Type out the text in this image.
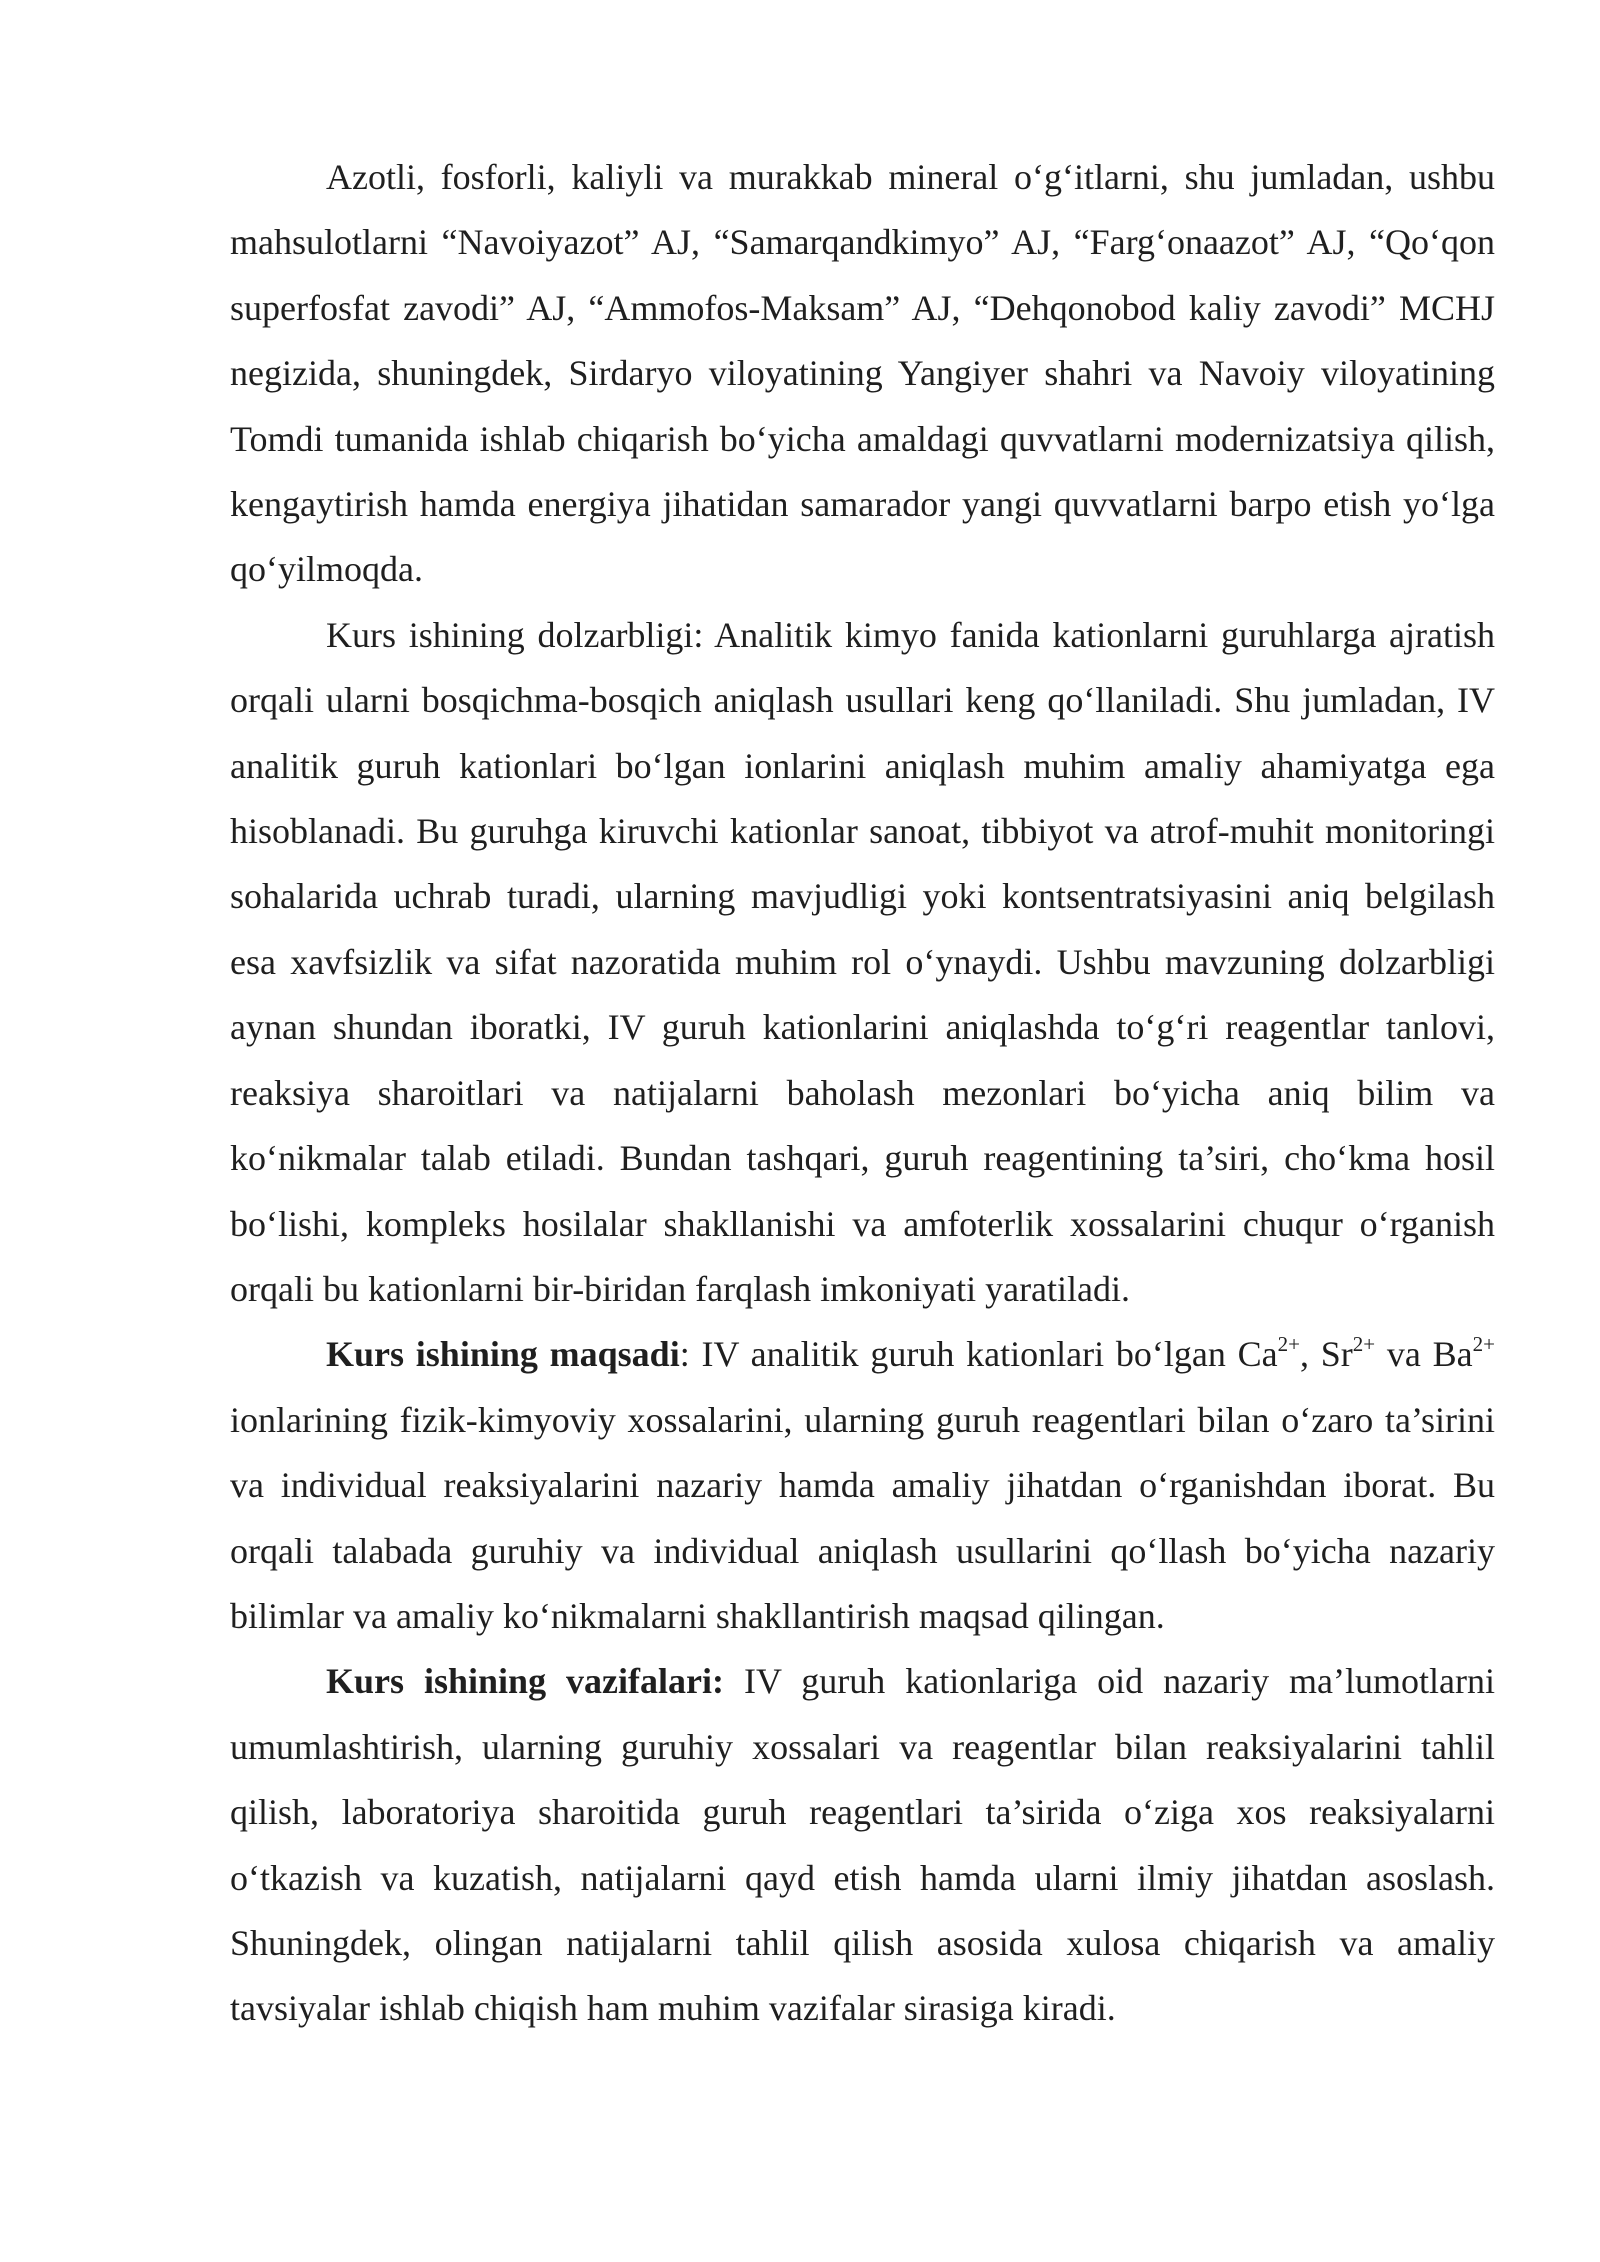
Azotli, fosforli, kaliyli va murakkab mineral o‘g‘itlarni, shu jumladan, ushbu mahsulotlarni “Navoiyazot” AJ, “Samarqandkimyo” AJ, “Farg‘onaazot” AJ, “Qo‘qon superfosfat zavodi” AJ, “Ammofos-Maksam” AJ, “Dehqonobod kaliy zavodi” MCHJ negizida, shuningdek, Sirdaryo viloyatining Yangiyer shahri va Navoiy viloyatining Tomdi tumanida ishlab chiqarish bo‘yicha amaldagi quvvatlarni modernizatsiya qilish, kengaytirish hamda energiya jihatidan samarador yangi quvvatlarni barpo etish yo‘lga qo‘yilmoqda.

Kurs ishining dolzarbligi: Analitik kimyo fanida kationlarni guruhlarga ajratish orqali ularni bosqichma-bosqich aniqlash usullari keng qo‘llaniladi. Shu jumladan, IV analitik guruh kationlari bo‘lgan ionlarini aniqlash muhim amaliy ahamiyatga ega hisoblanadi. Bu guruhga kiruvchi kationlar sanoat, tibbiyot va atrof-muhit monitoringi sohalarida uchrab turadi, ularning mavjudligi yoki kontsentratsiyasini aniq belgilash esa xavfsizlik va sifat nazoratida muhim rol o‘ynaydi. Ushbu mavzuning dolzarbligi aynan shundan iboratki, IV guruh kationlarini aniqlashda to‘g‘ri reagentlar tanlovi, reaksiya sharoitlari va natijalarni baholash mezonlari bo‘yicha aniq bilim va ko‘nikmalar talab etiladi. Bundan tashqari, guruh reagentining ta’siri, cho‘kma hosil bo‘lishi, kompleks hosilalar shakllanishi va amfoterlik xossalarini chuqur o‘rganish orqali bu kationlarni bir-biridan farqlash imkoniyati yaratiladi.

Kurs ishining maqsadi: IV analitik guruh kationlari bo‘lgan $Ca^{2+}$, $Sr^{2+}$ va $Ba^{2+}$ ionlarining fizik-kimyoviy xossalarini, ularning guruh reagentlari bilan o‘zaro ta’sirini va individual reaksiyalarini nazariy hamda amaliy jihatdan o‘rganishdan iborat. Bu orqali talabada guruhiy va individual aniqlash usullarini qo‘llash bo‘yicha nazariy bilimlar va amaliy ko‘nikmalarni shakllantirish maqsad qilingan.

Kurs ishining vazifalari: IV guruh kationlariga oid nazariy ma’lumotlarni umumlashtirish, ularning guruhiy xossalari va reagentlar bilan reaksiyalarini tahlil qilish, laboratoriya sharoitida guruh reagentlari ta’sirida o‘ziga xos reaksiyalarni o‘tkazish va kuzatish, natijalarni qayd etish hamda ularni ilmiy jihatdan asoslash. Shuningdek, olingan natijalarni tahlil qilish asosida xulosa chiqarish va amaliy tavsiyalar ishlab chiqish ham muhim vazifalar sirasiga kiradi.
